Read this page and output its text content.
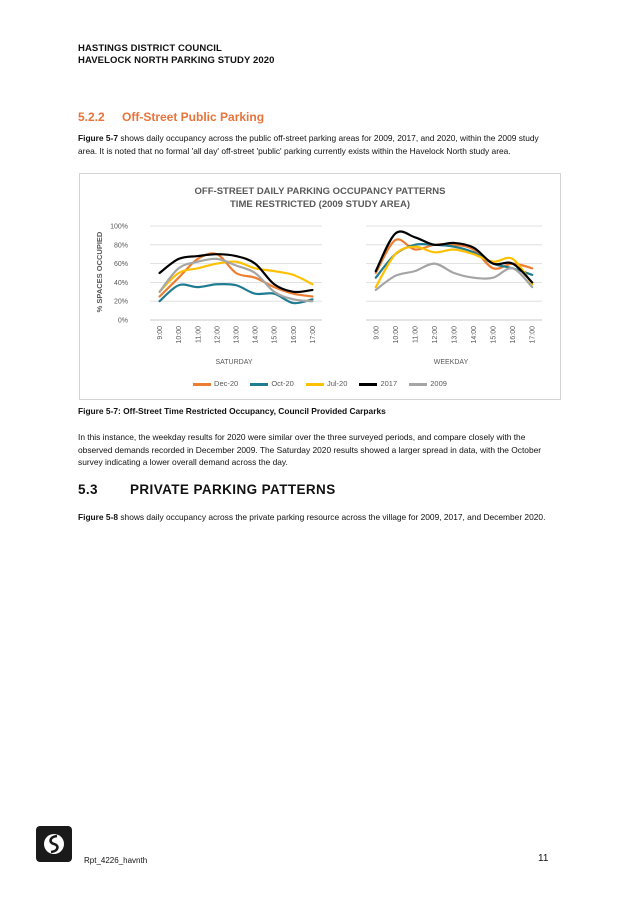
HASTINGS DISTRICT COUNCIL
HAVELOCK NORTH PARKING STUDY 2020
5.2.2 Off-Street Public Parking
Figure 5-7 shows daily occupancy across the public off-street parking areas for 2009, 2017, and 2020, within the 2009 study area. It is noted that no formal 'all day' off-street 'public' parking currently exists within the Havelock North study area.
OFF-STREET DAILY PARKING OCCUPANCY PATTERNS
TIME RESTRICTED (2009 STUDY AREA)
% SPACES OCCUPIED
0%
20%
40%
60%
80%
100%
9:00 10:00 11:00 12:00 13:00 14:00 15:00 16:00 17:00	9:00 10:00 11:00 12:00 13:00 14:00 15:00 16:00 17:00
SATURDAY	WEEKDAY
Dec-20	Oct-20	Jul-20	2017	2009
Figure 5-7: Off-Street Time Restricted Occupancy, Council Provided Carparks
In this instance, the weekday results for 2020 were similar over the three surveyed periods, and compare closely with the observed demands recorded in December 2009. The Saturday 2020 results showed a larger spread in data, with the October survey indicating a lower overall demand across the day.
5.3 PRIVATE PARKING PATTERNS
Figure 5-8 shows daily occupancy across the private parking resource across the village for 2009, 2017, and December 2020.
Rpt_4226_havnth	11
